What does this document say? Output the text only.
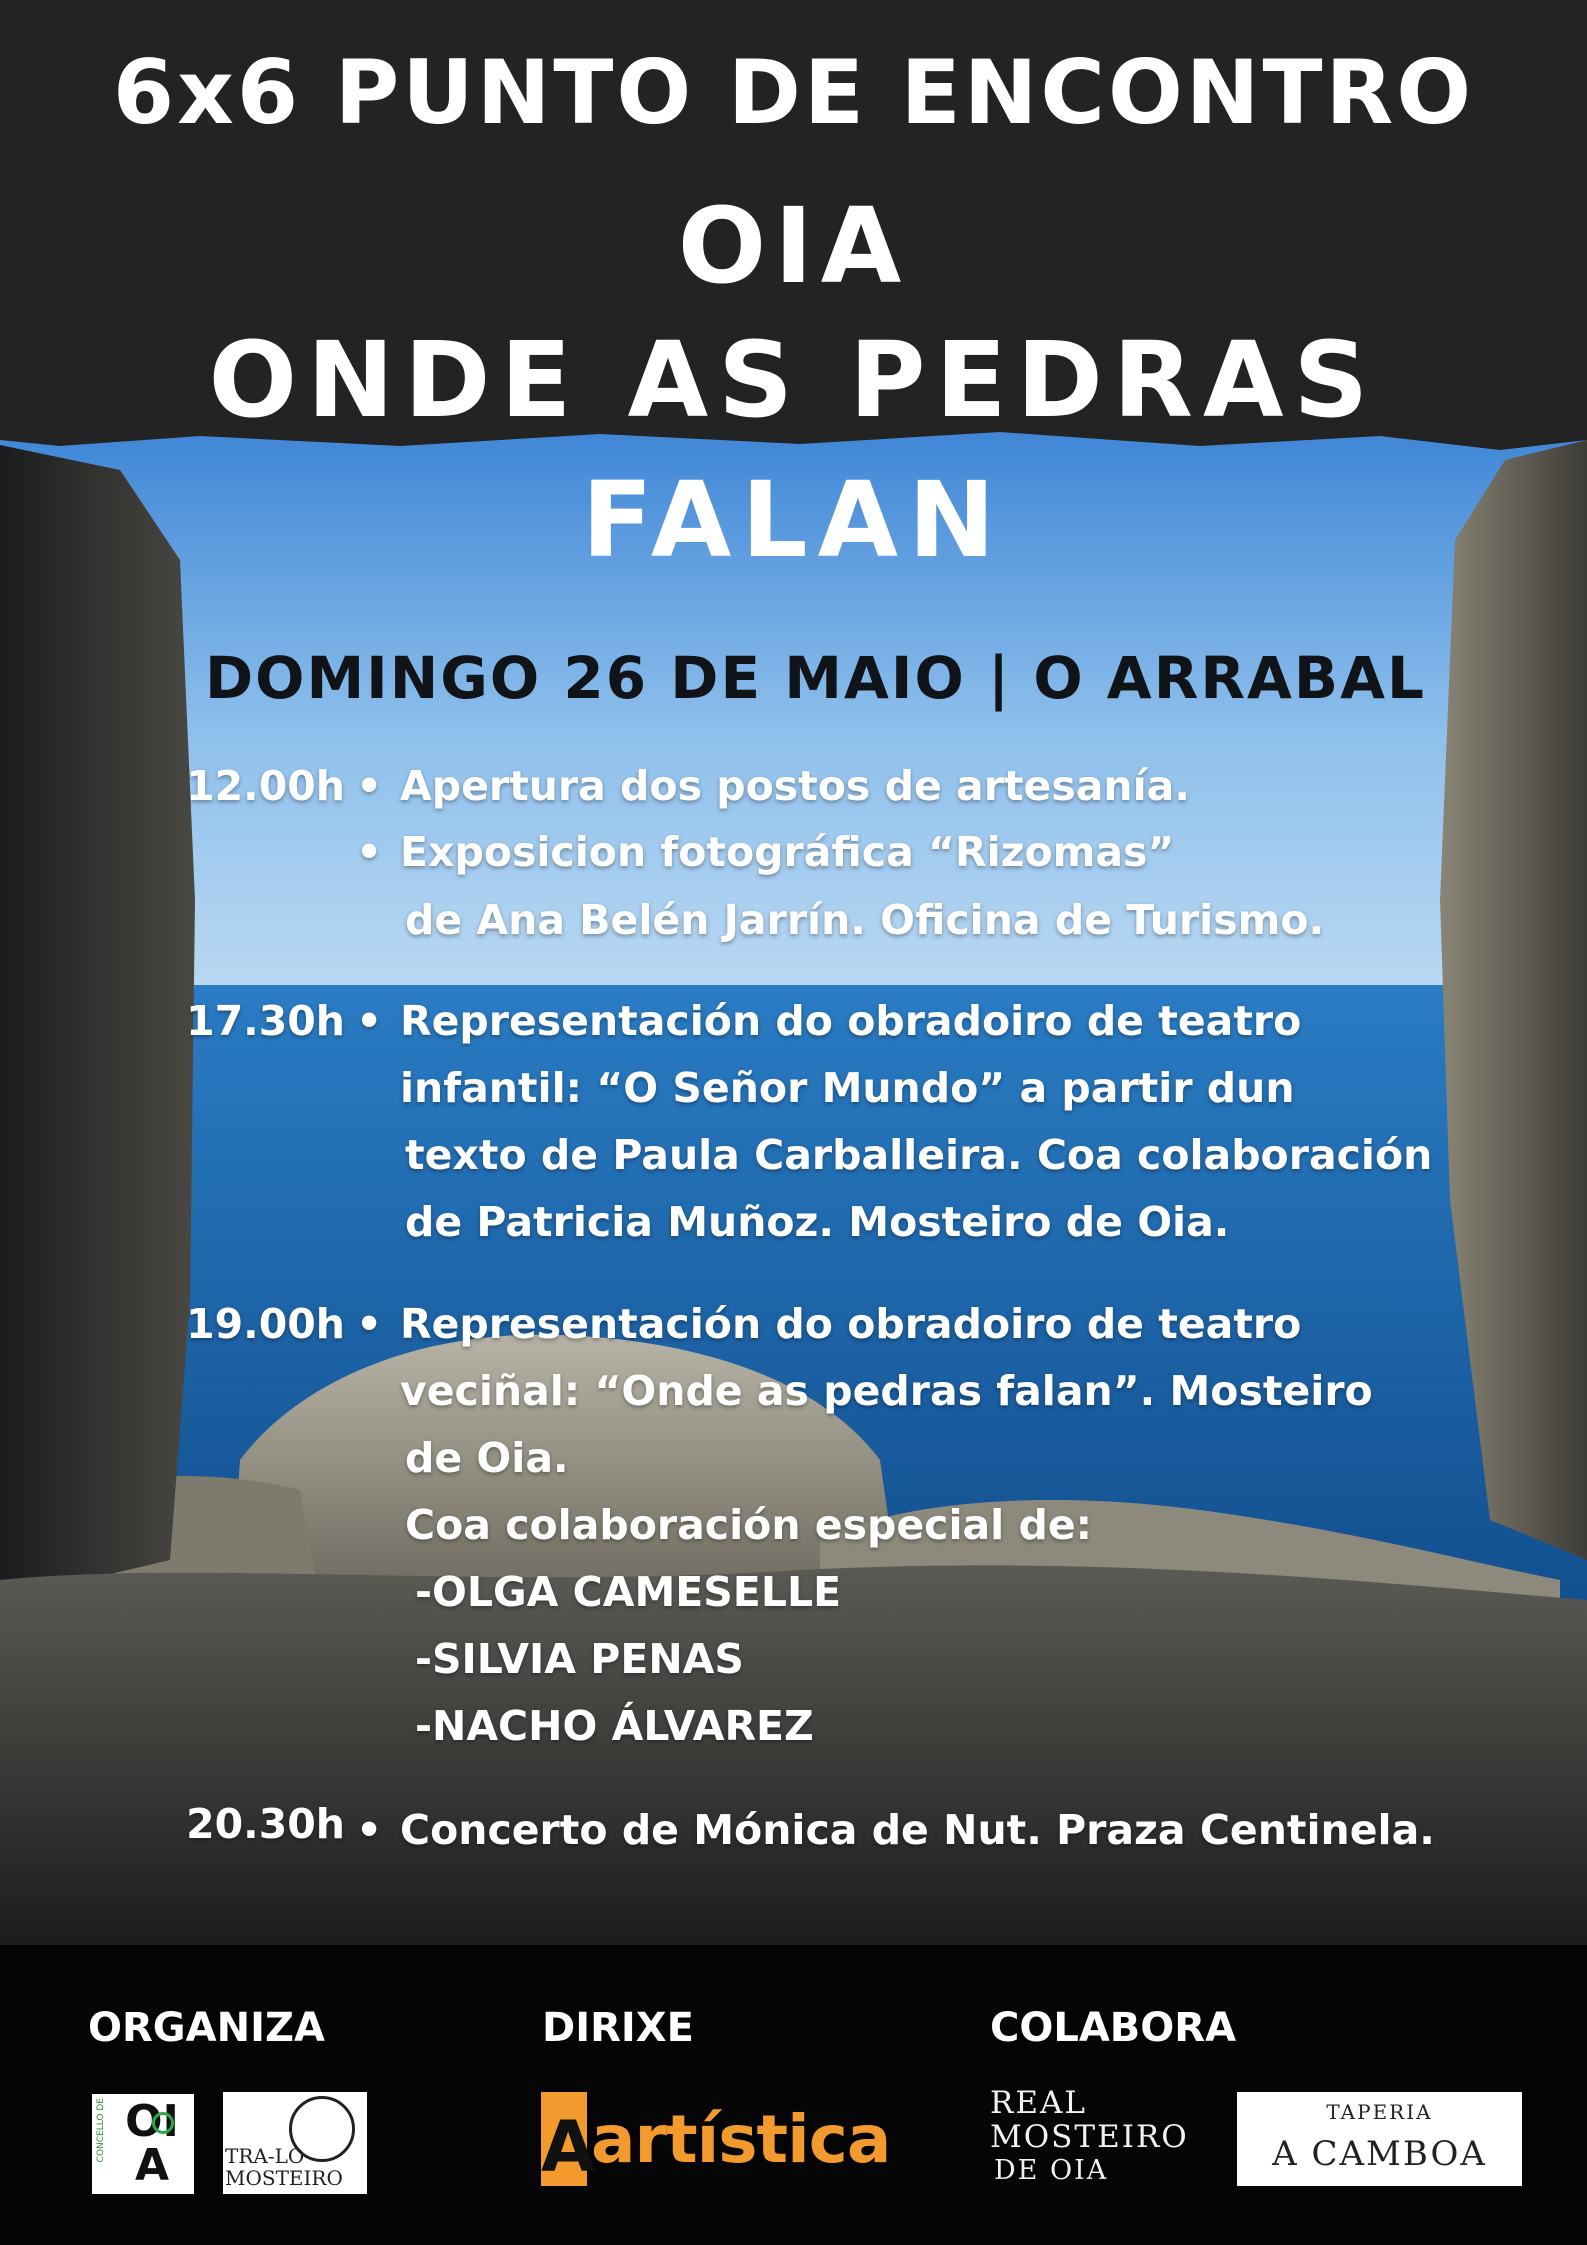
6x6 PUNTO DE ENCONTRO
OIA
ONDE AS PEDRAS
FALAN
DOMINGO 26 DE MAIO | O ARRABAL
12.00h • Apertura dos postos de artesanía.
• Exposicion fotográfica “Rizomas”
de Ana Belén Jarrín. Oficina de Turismo.
17.30h • Representación do obradoiro de teatro
infantil: “O Señor Mundo” a partir dun
texto de Paula Carballeira. Coa colaboración
de Patricia Muñoz. Mosteiro de Oia.
19.00h • Representación do obradoiro de teatro
veciñal: “Onde as pedras falan”. Mosteiro
de Oia.
Coa colaboración especial de:
-OLGA CAMESELLE
-SILVIA PENAS
-NACHO ÁLVAREZ
20.30h • Concerto de Mónica de Nut. Praza Centinela.
ORGANIZA	DIRIXE	COLABORA
CONCELLO DE OIA	TRA-LO
MOSTEIRO	A
artística	REAL
MOSTEIRO
DE OIA
TAPERIA
A CAMBOA
